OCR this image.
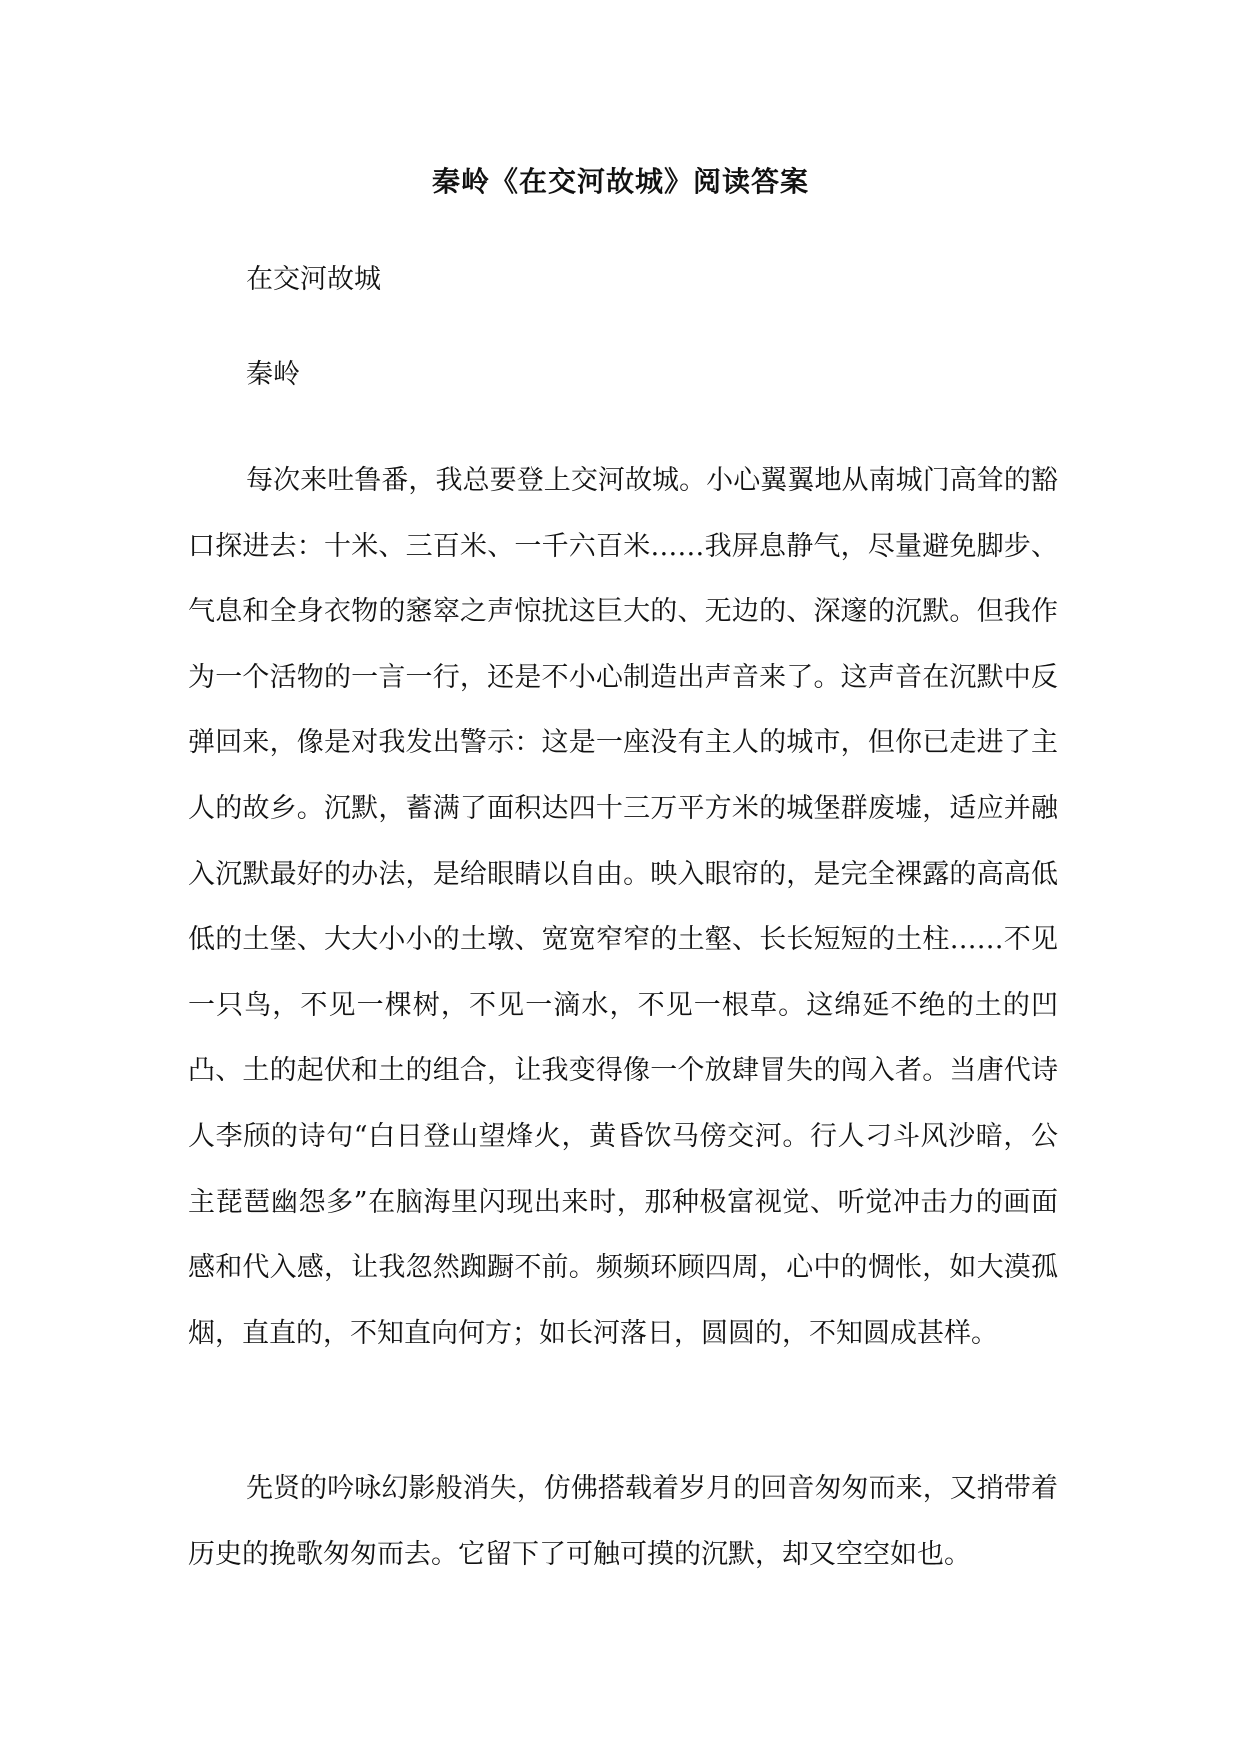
秦岭《在交河故城》阅读答案

在交河故城

秦岭

每次来吐鲁番，我总要登上交河故城。小心翼翼地从南城门高耸的豁口探进去：十米、三百米、一千六百米……我屏息静气，尽量避免脚步、气息和全身衣物的窸窣之声惊扰这巨大的、无边的、深邃的沉默。但我作为一个活物的一言一行，还是不小心制造出声音来了。这声音在沉默中反弹回来，像是对我发出警示：这是一座没有主人的城市，但你已走进了主人的故乡。沉默，蓄满了面积达四十三万平方米的城堡群废墟，适应并融入沉默最好的办法，是给眼睛以自由。映入眼帘的，是完全裸露的高高低低的土堡、大大小小的土墩、宽宽窄窄的土壑、长长短短的土柱……不见一只鸟，不见一棵树，不见一滴水，不见一根草。这绵延不绝的土的凹凸、土的起伏和土的组合，让我变得像一个放肆冒失的闯入者。当唐代诗人李颀的诗句“白日登山望烽火，黄昏饮马傍交河。行人刁斗风沙暗，公主琵琶幽怨多”在脑海里闪现出来时，那种极富视觉、听觉冲击力的画面感和代入感，让我忽然踟蹰不前。频频环顾四周，心中的惆怅，如大漠孤烟，直直的，不知直向何方；如长河落日，圆圆的，不知圆成甚样。

先贤的吟咏幻影般消失，仿佛搭载着岁月的回音匆匆而来，又捎带着历史的挽歌匆匆而去。它留下了可触可摸的沉默，却又空空如也。
